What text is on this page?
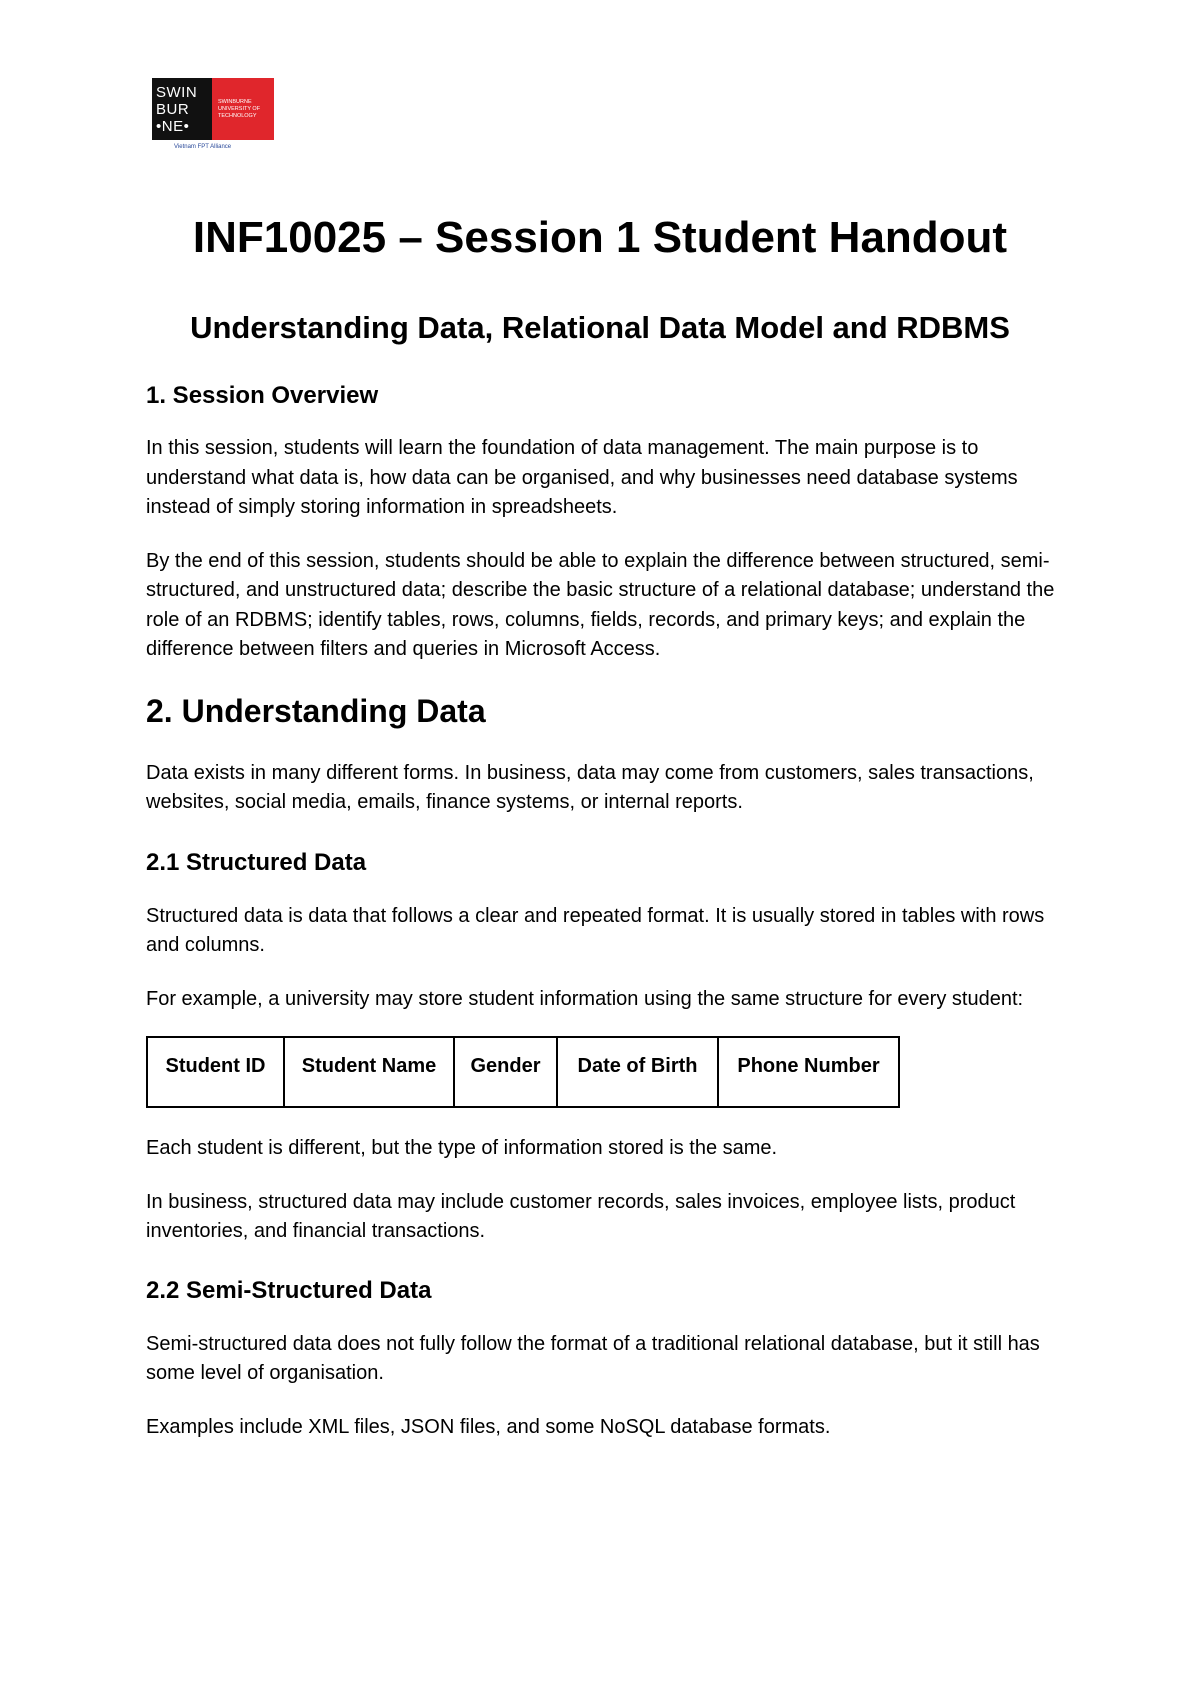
SWIN
BUR
•NE•
SWINBURNE
UNIVERSITY OF
TECHNOLOGY
Vietnam FPT Alliance
INF10025 – Session 1 Student Handout
Understanding Data, Relational Data Model and RDBMS
1. Session Overview

In this session, students will learn the foundation of data management. The main purpose is to understand what data is, how data can be organised, and why businesses need database systems instead of simply storing information in spreadsheets.

By the end of this session, students should be able to explain the difference between structured, semi-structured, and unstructured data; describe the basic structure of a relational database; understand the role of an RDBMS; identify tables, rows, columns, fields, records, and primary keys; and explain the difference between filters and queries in Microsoft Access.

2. Understanding Data

Data exists in many different forms. In business, data may come from customers, sales transactions, websites, social media, emails, finance systems, or internal reports.

2.1 Structured Data

Structured data is data that follows a clear and repeated format. It is usually stored in tables with rows and columns.

For example, a university may store student information using the same structure for every student:

Student ID	Student Name	Gender	Date of Birth	Phone Number

Each student is different, but the type of information stored is the same.

In business, structured data may include customer records, sales invoices, employee lists, product inventories, and financial transactions.

2.2 Semi-Structured Data

Semi-structured data does not fully follow the format of a traditional relational database, but it still has some level of organisation.

Examples include XML files, JSON files, and some NoSQL database formats.
